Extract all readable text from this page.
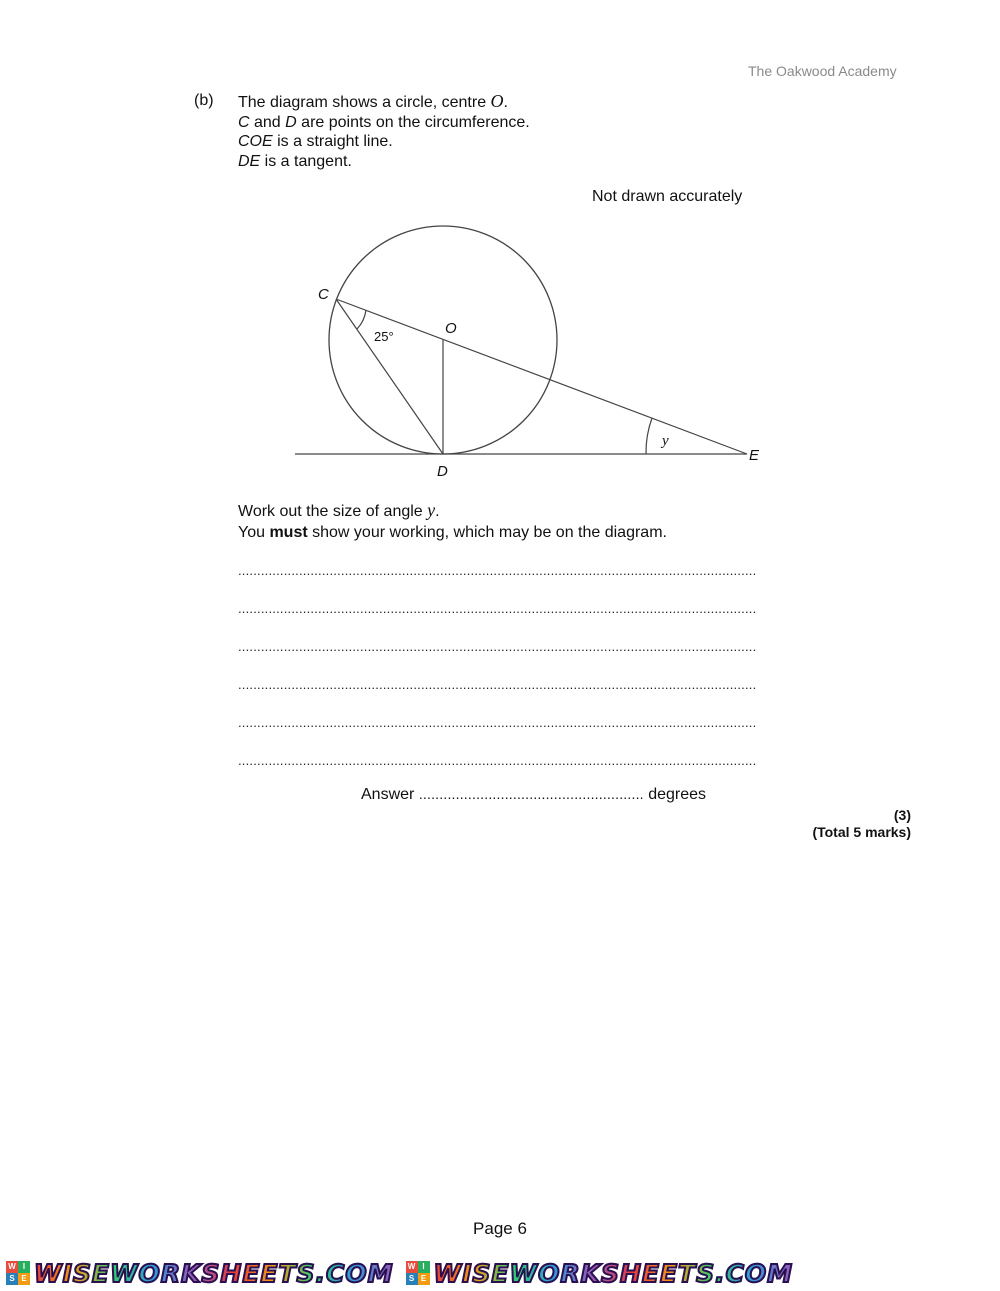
The Oakwood Academy
(b) The diagram shows a circle, centre O.
C and D are points on the circumference.
COE is a straight line.
DE is a tangent.
Not drawn accurately
C
O
D
E
25°
y
Work out the size of angle y.
You must show your working, which may be on the diagram.
........................................................................................................................................
........................................................................................................................................
........................................................................................................................................
........................................................................................................................................
........................................................................................................................................
........................................................................................................................................
Answer ....................................................... degrees
(3)
(Total 5 marks)
Page 6
W I
S E WISEWORKSHEETS.COM W I
S E WISEWORKSHEETS.COM
